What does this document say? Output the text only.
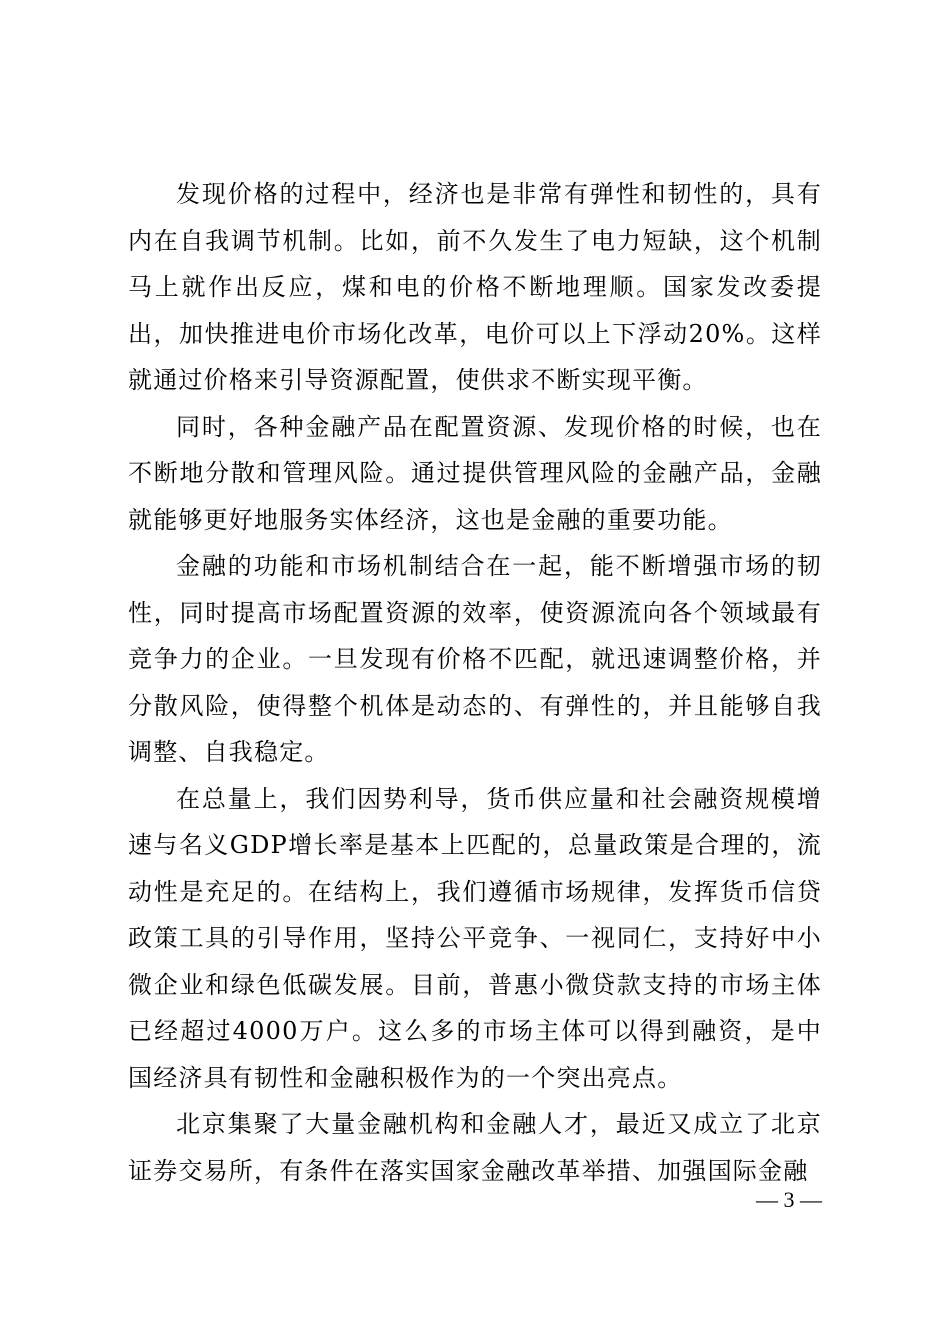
发现价格的过程中，经济也是非常有弹性和韧性的，具有内在自我调节机制。比如，前不久发生了电力短缺，这个机制马上就作出反应，煤和电的价格不断地理顺。国家发改委提出，加快推进电价市场化改革，电价可以上下浮动20%。这样就通过价格来引导资源配置，使供求不断实现平衡。

同时，各种金融产品在配置资源、发现价格的时候，也在不断地分散和管理风险。通过提供管理风险的金融产品，金融就能够更好地服务实体经济，这也是金融的重要功能。

金融的功能和市场机制结合在一起，能不断增强市场的韧性，同时提高市场配置资源的效率，使资源流向各个领域最有竞争力的企业。一旦发现有价格不匹配，就迅速调整价格，并分散风险，使得整个机体是动态的、有弹性的，并且能够自我调整、自我稳定。

在总量上，我们因势利导，货币供应量和社会融资规模增速与名义GDP增长率是基本上匹配的，总量政策是合理的，流动性是充足的。在结构上，我们遵循市场规律，发挥货币信贷政策工具的引导作用，坚持公平竞争、一视同仁，支持好中小微企业和绿色低碳发展。目前，普惠小微贷款支持的市场主体已经超过4000万户。这么多的市场主体可以得到融资，是中国经济具有韧性和金融积极作为的一个突出亮点。

北京集聚了大量金融机构和金融人才，最近又成立了北京证券交易所，有条件在落实国家金融改革举措、加强国际金融

— 3 —
